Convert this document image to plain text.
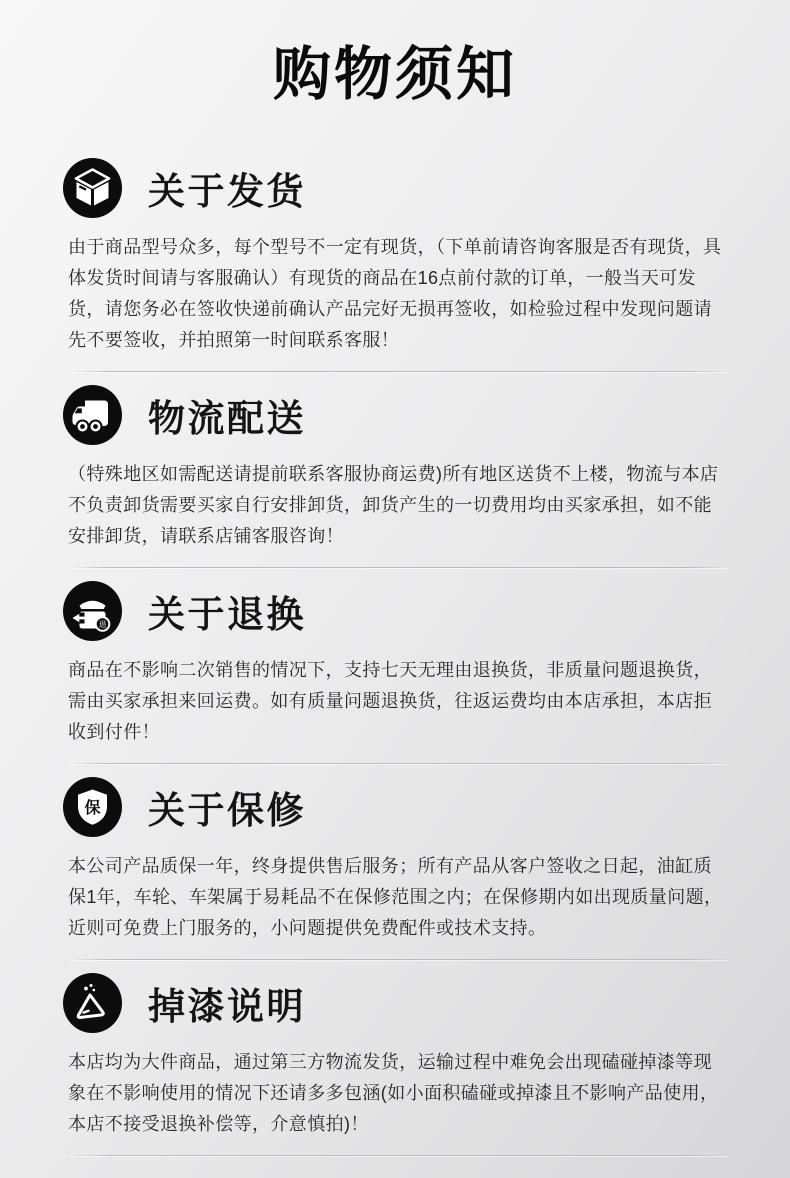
购物须知
关于发货

由于商品型号众多，每个型号不一定有现货，（下单前请咨询客服是否有现货，具体发货时间请与客服确认）有现货的商品在16点前付款的订单，一般当天可发货，请您务必在签收快递前确认产品完好无损再签收，如检验过程中发现问题请先不要签收，并拍照第一时间联系客服！

物流配送

（特殊地区如需配送请提前联系客服协商运费)所有地区送货不上楼，物流与本店不负责卸货需要买家自行安排卸货，卸货产生的一切费用均由买家承担，如不能安排卸货，请联系店铺客服咨询！

退 关于退换

商品在不影响二次销售的情况下，支持七天无理由退换货，非质量问题退换货，需由买家承担来回运费。如有质量问题退换货，往返运费均由本店承担，本店拒收到付件！

保 关于保修

本公司产品质保一年，终身提供售后服务；所有产品从客户签收之日起，油缸质保1年，车轮、车架属于易耗品不在保修范围之内；在保修期内如出现质量问题，近则可免费上门服务的，小问题提供免费配件或技术支持。

掉漆说明

本店均为大件商品，通过第三方物流发货，运输过程中难免会出现磕碰掉漆等现象在不影响使用的情况下还请多多包涵(如小面积磕碰或掉漆且不影响产品使用，本店不接受退换补偿等，介意慎拍)！
